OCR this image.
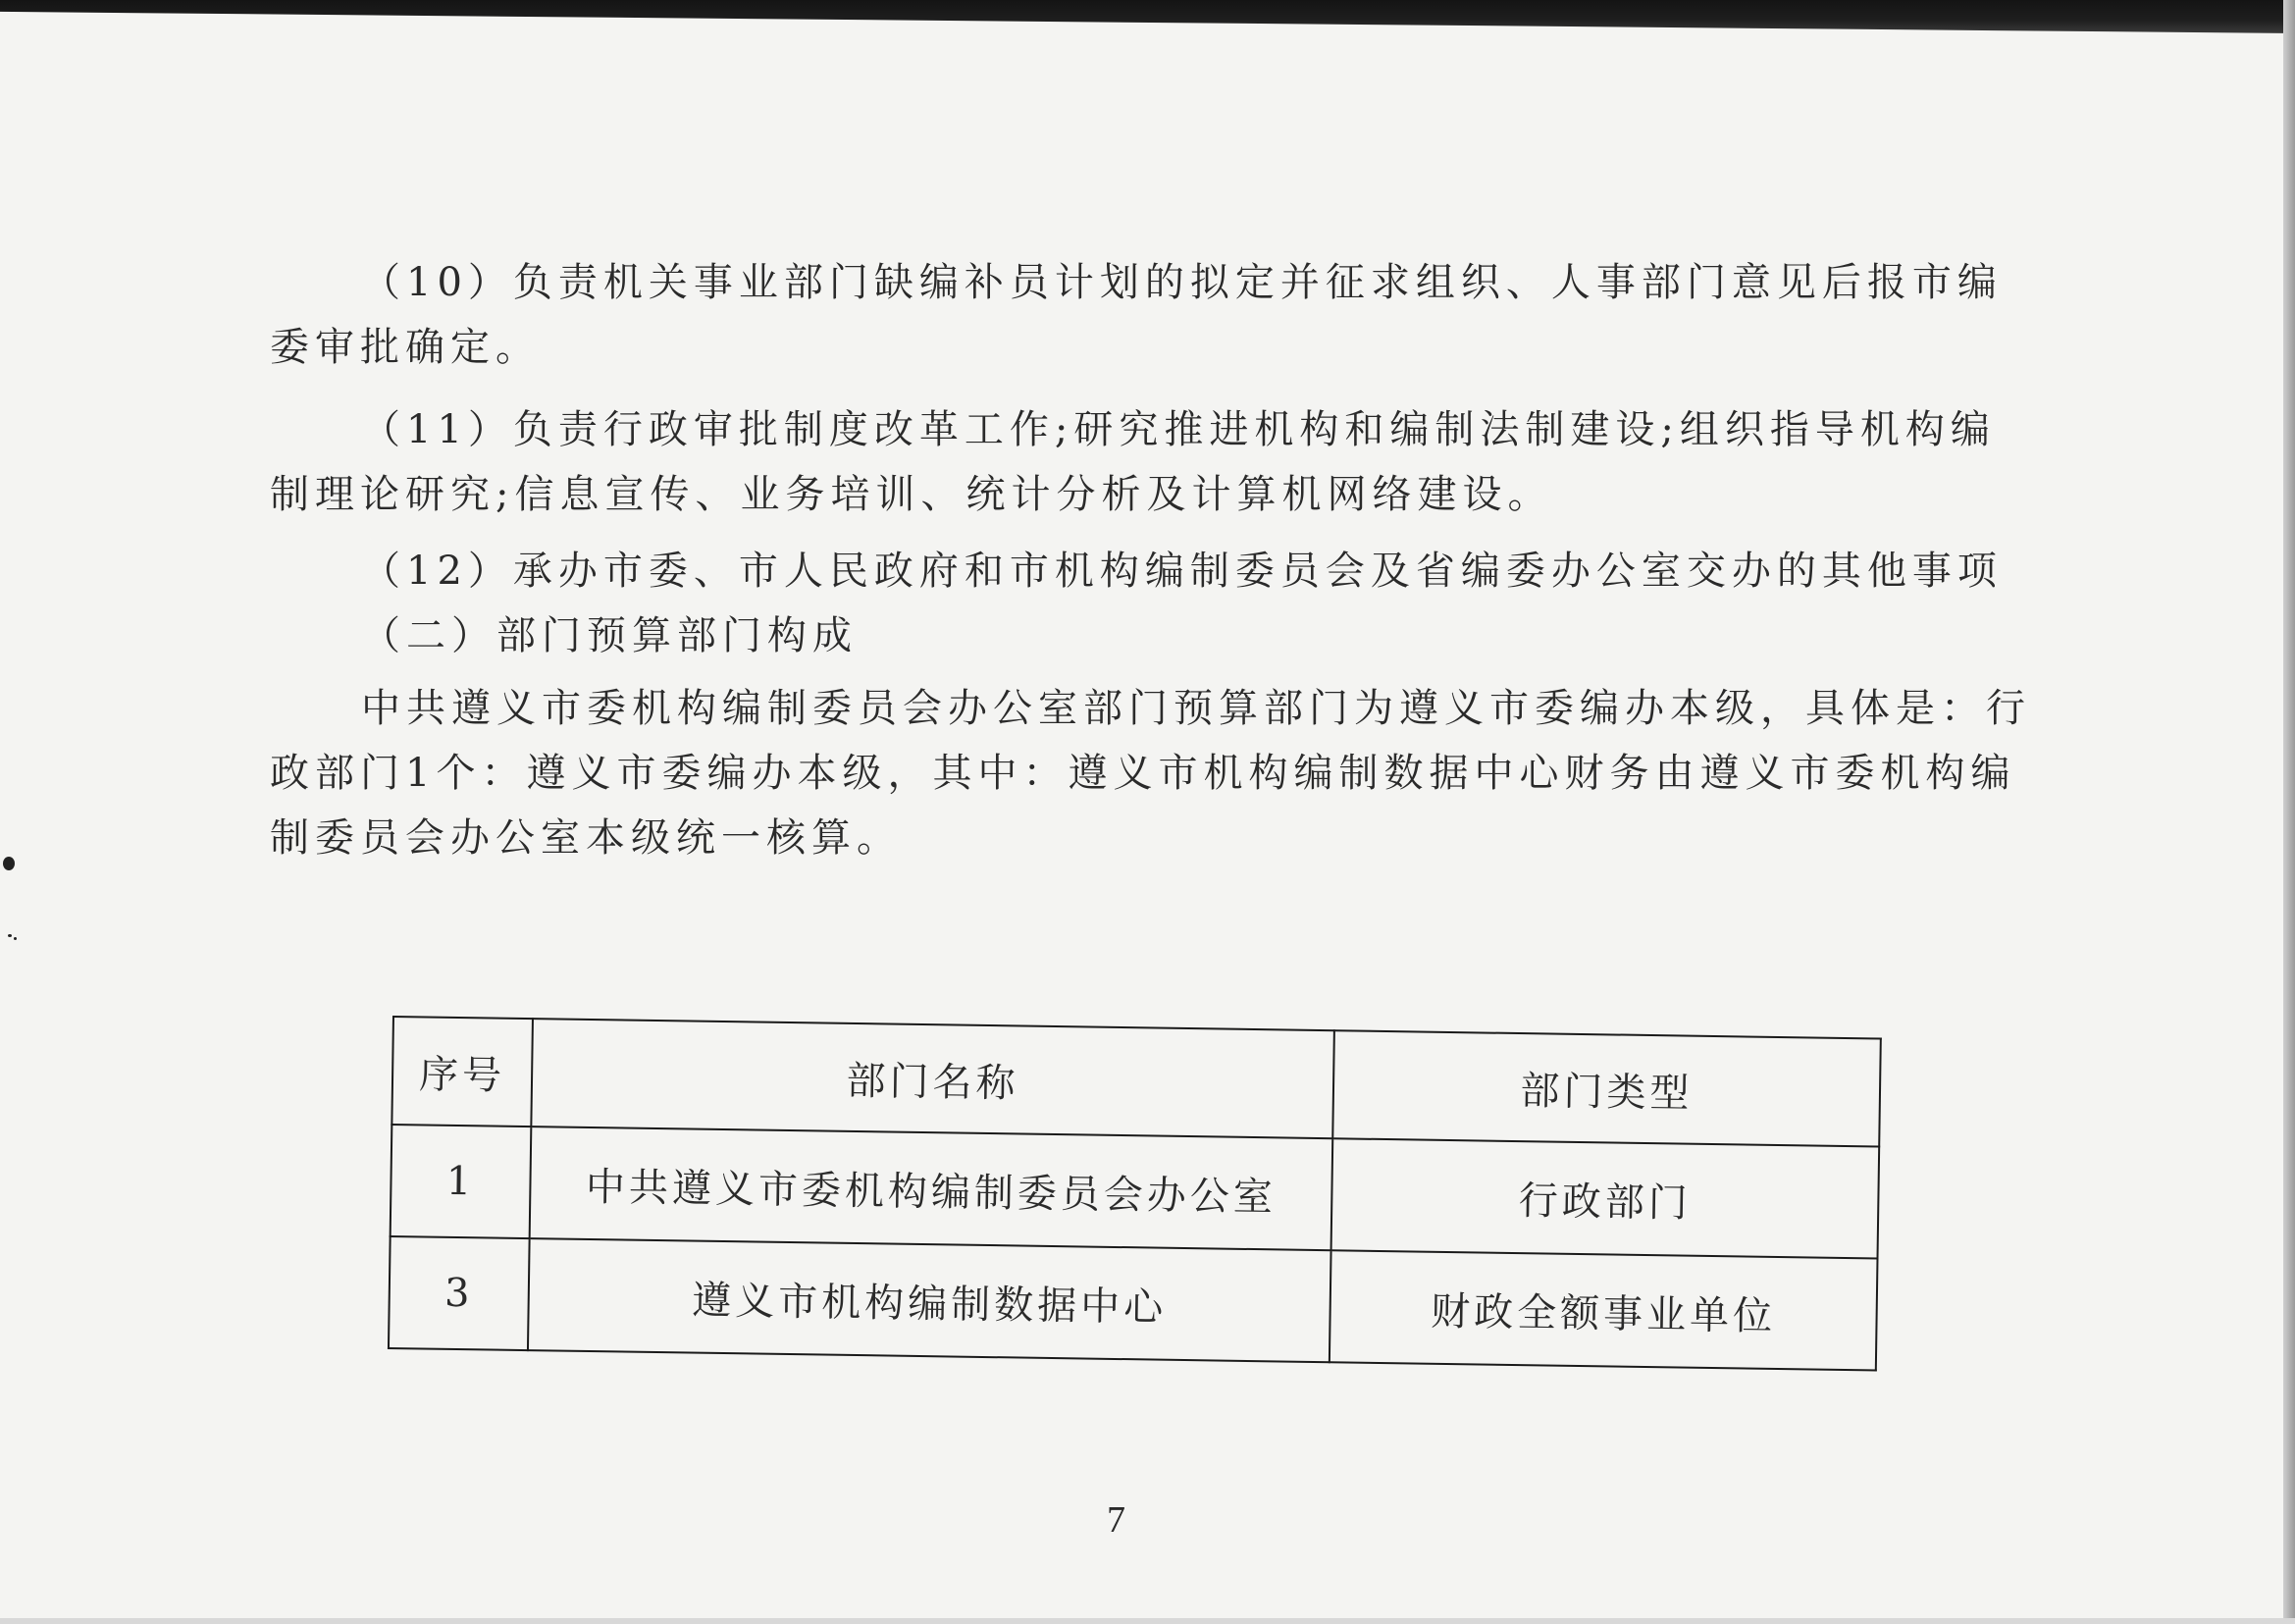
（10）负责机关事业部门缺编补员计划的拟定并征求组织、人事部门意见后报市编委审批确定。

（11）负责行政审批制度改革工作;研究推进机构和编制法制建设;组织指导机构编制理论研究;信息宣传、业务培训、统计分析及计算机网络建设。

（12）承办市委、市人民政府和市机构编制委员会及省编委办公室交办的其他事项

（二）部门预算部门构成

中共遵义市委机构编制委员会办公室部门预算部门为遵义市委编办本级，具体是：行政部门1个：遵义市委编办本级，其中：遵义市机构编制数据中心财务由遵义市委机构编制委员会办公室本级统一核算。

序号	部门名称	部门类型
1	中共遵义市委机构编制委员会办公室	行政部门
3	遵义市机构编制数据中心	财政全额事业单位
7
